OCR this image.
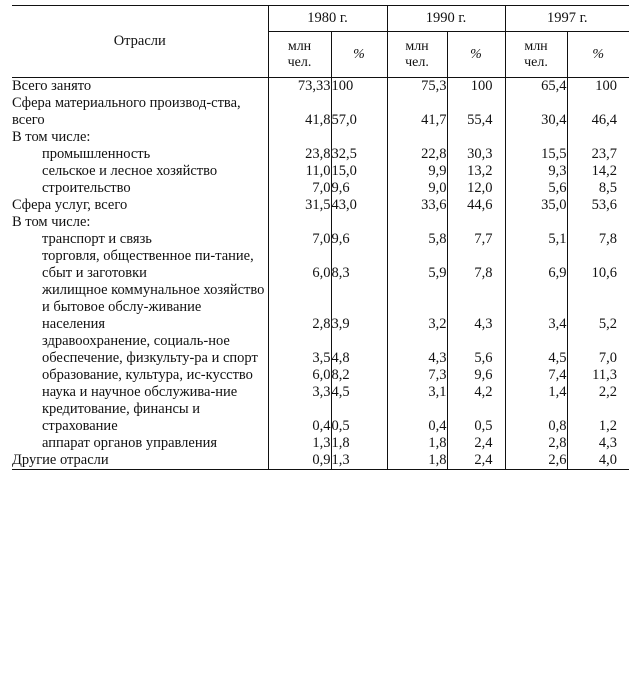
Отрасли	1980 г.		1990 г.		1997 г.	
	млн чел.	%	млн чел.	%	млн чел.	%
Всего занято	73,33	100	75,3	100	65,4	100
Сфера материального производ-ства, всего	41,8	57,0	41,7	55,4	30,4	46,4
В том числе:						
промышленность	23,8	32,5	22,8	30,3	15,5	23,7
сельское и лесное хозяйство	11,0	15,0	9,9	13,2	9,3	14,2
строительство	7,0	9,6	9,0	12,0	5,6	8,5
Сфера услуг, всего	31,5	43,0	33,6	44,6	35,0	53,6
В том числе:						
транспорт и связь	7,0	9,6	5,8	7,7	5,1	7,8
торговля, общественное пи-тание, сбыт и заготовки	6,0	8,3	5,9	7,8	6,9	10,6
жилищное коммунальное хозяйство и бытовое обслу-живание населения	2,8	3,9	3,2	4,3	3,4	5,2
здравоохранение, социаль-ное обеспечение, физкульту-ра и спорт	3,5	4,8	4,3	5,6	4,5	7,0
образование, культура, ис-кусство	6,0	8,2	7,3	9,6	7,4	11,3
наука и научное обслужива-ние	3,3	4,5	3,1	4,2	1,4	2,2
кредитование, финансы и страхование	0,4	0,5	0,4	0,5	0,8	1,2
аппарат органов управления	1,3	1,8	1,8	2,4	2,8	4,3
Другие отрасли	0,9	1,3	1,8	2,4	2,6	4,0
